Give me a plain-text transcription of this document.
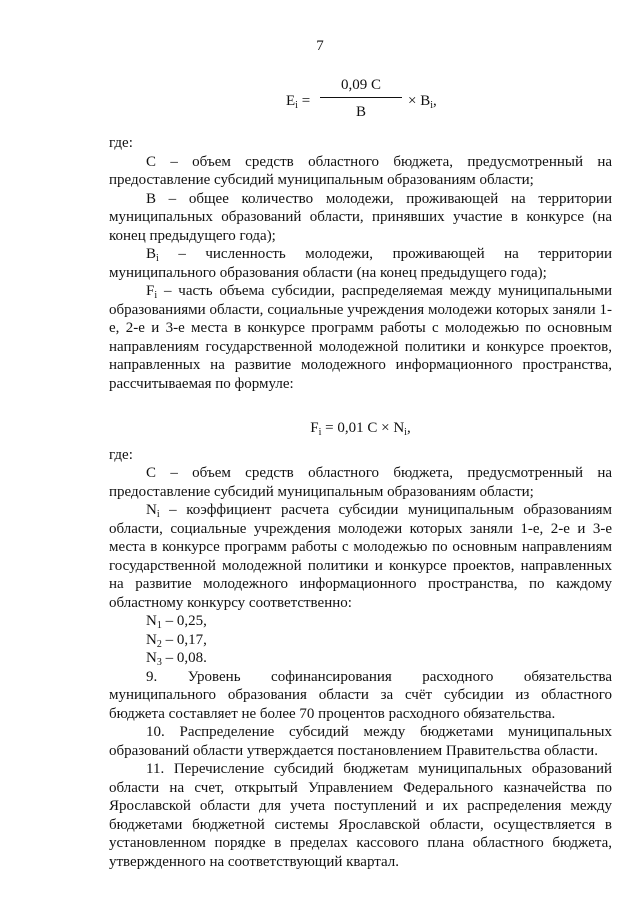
7
$E_i$ =
0,09 С
В
× $B_i$,

где:

С – объем средств областного бюджета, предусмотренный на предоставление субсидий муниципальным образованиям области;

В – общее количество молодежи, проживающей на территории муниципальных образований области, принявших участие в конкурсе (на конец предыдущего года);

$B_i$ – численность молодежи, проживающей на территории муниципального образования области (на конец предыдущего года);

$F_i$ – часть объема субсидии, распределяемая между муниципальными образованиями области, социальные учреждения молодежи которых заняли 1-е, 2-е и 3-е места в конкурсе программ работы с молодежью по основным направлениям государственной молодежной политики и конкурсе проектов, направленных на развитие молодежного информационного пространства, рассчитываемая по формуле:

$F_i = 0,01$ $С \times N_i$,

где:

С – объем средств областного бюджета, предусмотренный на предоставление субсидий муниципальным образованиям области;

$N_i$ – коэффициент расчета субсидии муниципальным образованиям области, социальные учреждения молодежи которых заняли 1-е, 2-е и 3-е места в конкурсе программ работы с молодежью по основным направлениям государственной молодежной политики и конкурсе проектов, направленных на развитие молодежного информационного пространства, по каждому областному конкурсу соответственно:

$N_1 - 0,25$,

$N_2 - 0,17$,

$N_3 - 0,08$.

9. Уровень софинансирования расходного обязательства муниципального образования области за счёт субсидии из областного бюджета составляет не более 70 процентов расходного обязательства.

10. Распределение субсидий между бюджетами муниципальных образований области утверждается постановлением Правительства области.

11. Перечисление субсидий бюджетам муниципальных образований области на счет, открытый Управлением Федерального казначейства по Ярославской области для учета поступлений и их распределения между бюджетами бюджетной системы Ярославской области, осуществляется в установленном порядке в пределах кассового плана областного бюджета, утвержденного на соответствующий квартал.
